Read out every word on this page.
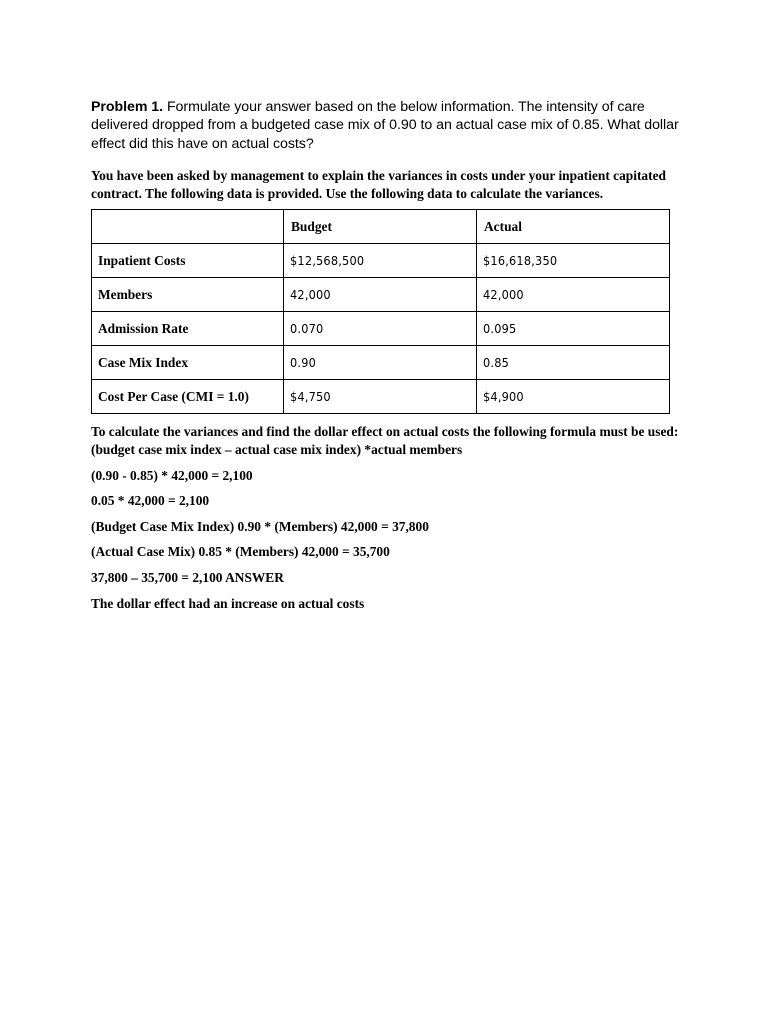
Problem 1. Formulate your answer based on the below information. The intensity of care delivered dropped from a budgeted case mix of 0.90 to an actual case mix of 0.85. What dollar effect did this have on actual costs?

You have been asked by management to explain the variances in costs under your inpatient capitated contract. The following data is provided. Use the following data to calculate the variances.

	Budget	Actual
Inpatient Costs	$12,568,500	$16,618,350
Members	42,000	42,000
Admission Rate	0.070	0.095
Case Mix Index	0.90	0.85
Cost Per Case (CMI = 1.0)	$4,750	$4,900

To calculate the variances and find the dollar effect on actual costs the following formula must be used: (budget case mix index – actual case mix index) *actual members

(0.90 - 0.85) * 42,000 = 2,100

0.05 * 42,000 = 2,100

(Budget Case Mix Index) 0.90 * (Members) 42,000 = 37,800

(Actual Case Mix) 0.85 * (Members) 42,000 = 35,700

37,800 – 35,700 = 2,100 ANSWER

The dollar effect had an increase on actual costs
